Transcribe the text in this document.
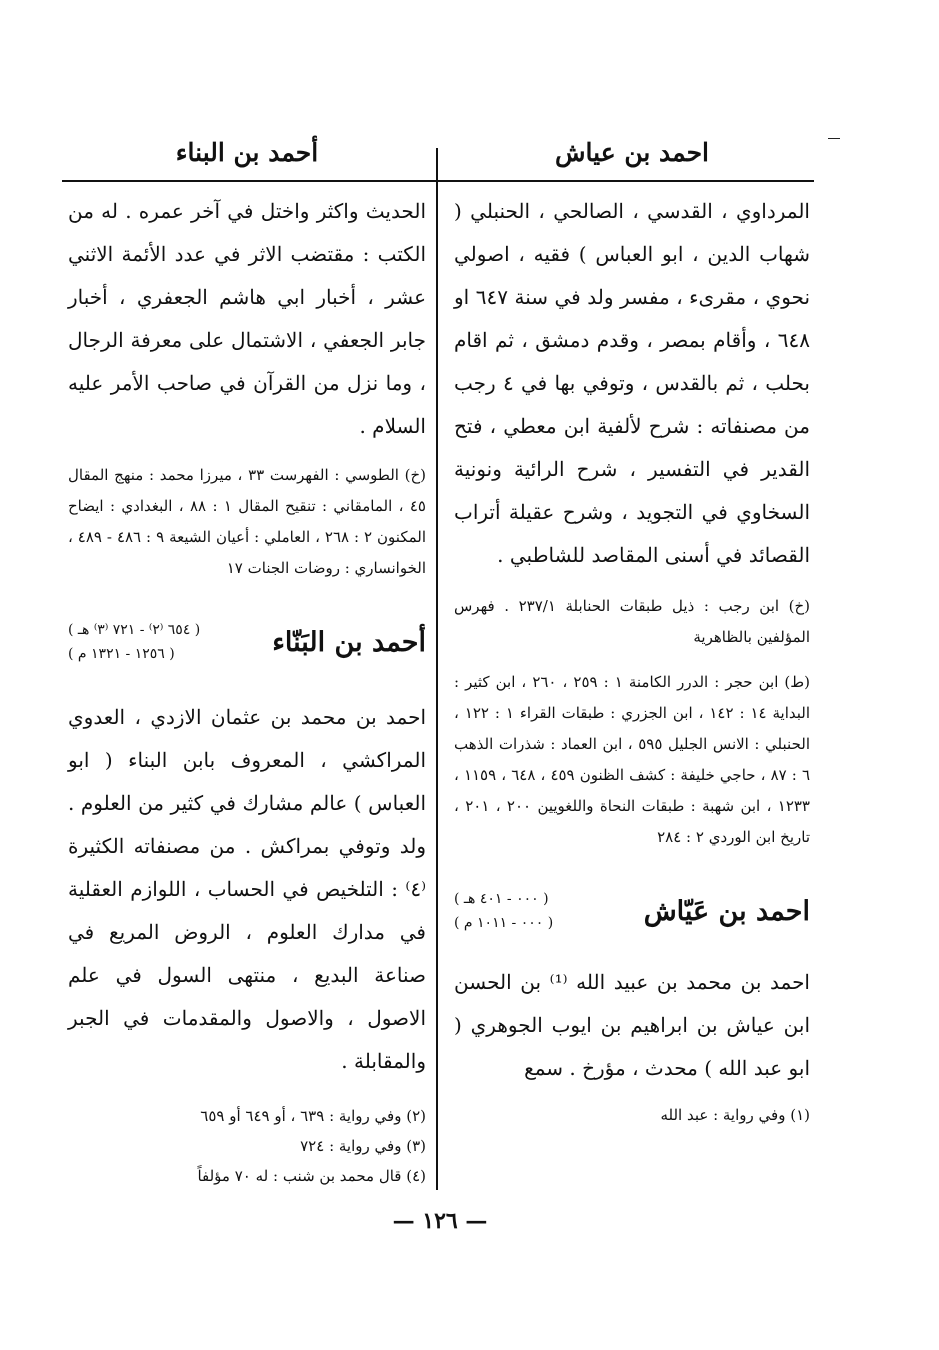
احمد بن عياش
أحمد بن البناء

المرداوي ، القدسي ، الصالحي ، الحنبلي ( شهاب الدين ، ابو العباس ) فقيه ، اصولي نحوي ، مقرىء ، مفسر ولد في سنة ٦٤٧ او ٦٤٨ ، وأقام بمصر ، وقدم دمشق ، ثم اقام بحلب ، ثم بالقدس ، وتوفي بها في ٤ رجب من مصنفاته : شرح لألفية ابن معطي ، فتح القدير في التفسير ، شرح الرائية ونونية السخاوي في التجويد ، وشرح عقيلة أتراب القصائد في أسنى المقاصد للشاطبي .

(خ) ابن رجب : ذيل طبقات الحنابلة ٢٣٧/١ . فهرس المؤلفين بالظاهرية

(ط) ابن حجر : الدرر الكامنة ١ : ٢٥٩ ، ٢٦٠ ، ابن كثير : البداية ١٤ : ١٤٢ ، ابن الجزري : طبقات القراء ١ : ١٢٢ ، الحنبلي : الانس الجليل ٥٩٥ ، ابن العماد : شذرات الذهب ٦ : ٨٧ ، حاجي خليفة : كشف الظنون ٤٥٩ ، ٦٤٨ ، ١١٥٩ ، ١٢٣٣ ، ابن شهبة : طبقات النحاة واللغويين ٢٠٠ ، ٢٠١ ، تاريخ ابن الوردي ٢ : ٢٨٤

احمد بن عَيّاش
( ٠٠٠ - ٤٠١ هـ )
( ٠٠٠ - ١٠١١ م )

احمد بن محمد بن عبيد الله ⁽¹⁾ بن الحسن ابن عياش بن ابراهيم بن ايوب الجوهري ( ابو عبد الله ) محدث ، مؤرخ . سمع

(١) وفي رواية : عبد الله

الحديث واكثر واختل في آخر عمره . له من الكتب : مقتضب الاثر في عدد الأئمة الاثني عشر ، أخبار ابي هاشم الجعفري ، أخبار جابر الجعفي ، الاشتمال على معرفة الرجال ، وما نزل من القرآن في صاحب الأمر عليه السلام .

(خ) الطوسي : الفهرست ٣٣ ، ميرزا محمد : منهج المقال ٤٥ ، المامقاني : تنقيح المقال ١ : ٨٨ ، البغدادي : ايضاح المكنون ٢ : ٢٦٨ ، العاملي : أعيان الشيعة ٩ : ٤٨٦ - ٤٨٩ ، الخوانساري : روضات الجنات ١٧

أحمد بن البَنّاء
( ٦٥٤ ⁽٢⁾ - ٧٢١ ⁽٣⁾ هـ )
( ١٢٥٦ - ١٣٢١ م )

احمد بن محمد بن عثمان الازدي ، العدوي المراكشي ، المعروف بابن البناء ( ابو العباس ) عالم مشارك في كثير من العلوم . ولد وتوفي بمراكش . من مصنفاته الكثيرة ⁽٤⁾ : التلخيص في الحساب ، اللوازم العقلية في مدارك العلوم ، الروض المريع في صناعة البديع ، منتهى السول في علم الاصول ، والاصول والمقدمات في الجبر والمقابلة .

(٢) وفي رواية : ٦٣٩ ، أو ٦٤٩ أو ٦٥٩

(٣) وفي رواية : ٧٢٤

(٤) قال محمد بن شنب : له ٧٠ مؤلفاً

— ١٢٦ —
